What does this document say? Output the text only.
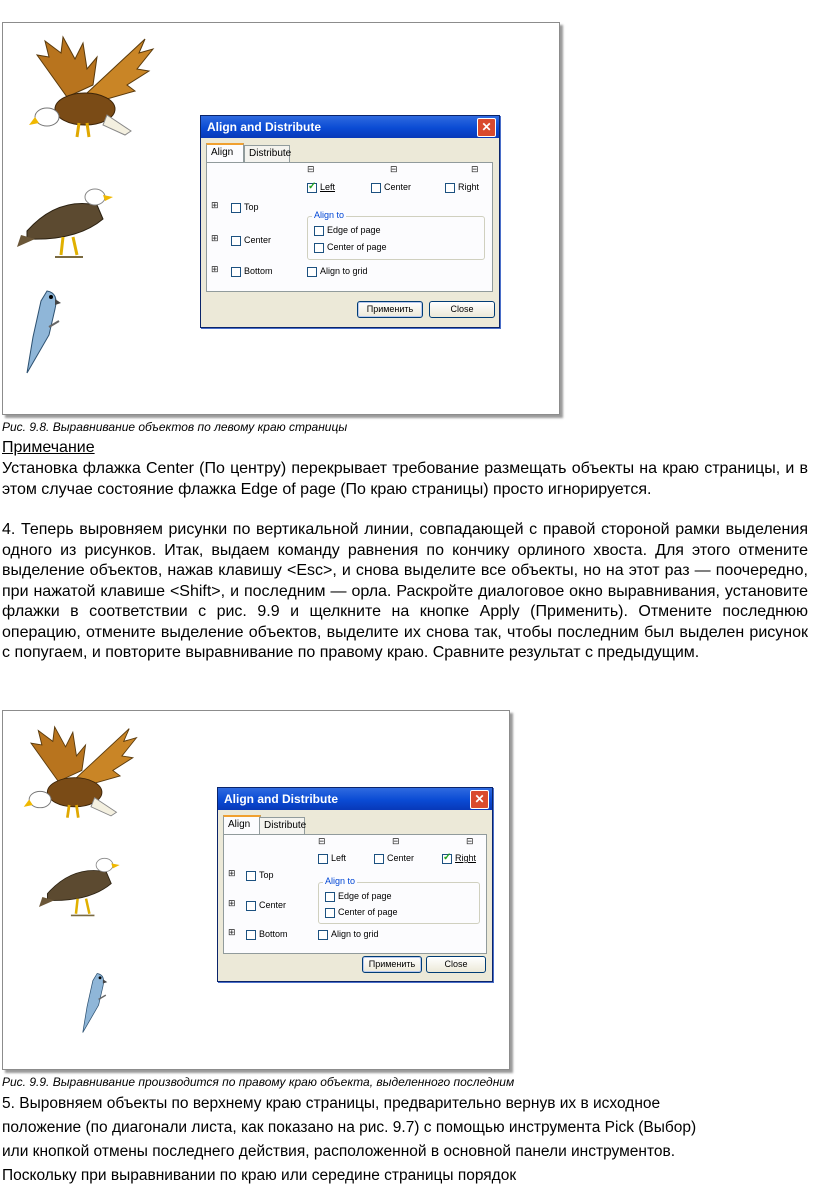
Align and Distribute	✕
Align	Distribute
⊟	⊟	⊟
✓
Left	Center	Right
⊞	Top
⊞	Center
⊞	Bottom
Align to
Edge of page
Center of page
Align to grid
Применить	Close
Рис. 9.8. Выравнивание объектов по левому краю страницы
Примечание
Установка флажка Center (По центру) перекрывает требование размещать объекты на краю страницы, и в этом случае состояние флажка Edge of page (По краю страницы) просто игнорируется.
4. Теперь выровняем рисунки по вертикальной линии, совпадающей с правой стороной рамки выделения одного из рисунков. Итак, выдаем команду равнения по кончику орлиного хвоста. Для этого отмените выделение объектов, нажав клавишу <Esc>, и снова выделите все объекты, но на этот раз — поочередно, при нажатой клавише <Shift>, и последним — орла. Раскройте диалоговое окно выравнивания, установите флажки в соответствии с рис. 9.9 и щелкните на кнопке Apply (Применить). Отмените последнюю операцию, отмените выделение объектов, выделите их снова так, чтобы последним был выделен рисунок с попугаем, и повторите выравнивание по правому краю. Сравните результат с предыдущим.
Align and Distribute	✕
Align	Distribute
⊟	⊟	⊟
Left	Center
✓	Right
⊞	Top
⊞	Center
⊞	Bottom
Align to
Edge of page
Center of page
Align to grid
Применить	Close
Рис. 9.9. Выравнивание производится по правому краю объекта, выделенного последним
5. Выровняем объекты по верхнему краю страницы, предварительно вернув их в исходное
положение (по диагонали листа, как показано на рис. 9.7) с помощью инструмента Pick (Выбор)
или кнопкой отмены последнего действия, расположенной в основной панели инструментов.
Поскольку при выравнивании по краю или середине страницы порядок
